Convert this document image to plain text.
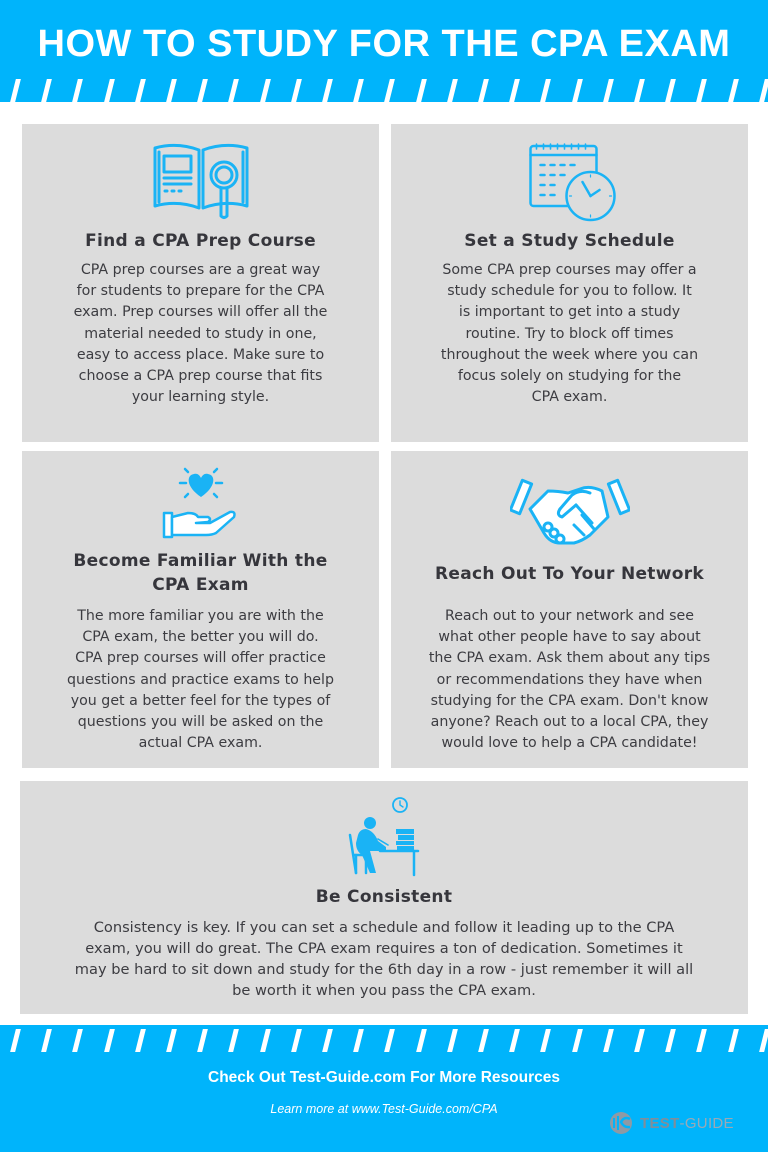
HOW TO STUDY FOR THE CPA EXAM
Find a CPA Prep Course
CPA prep courses are a great way
for students to prepare for the CPA
exam. Prep courses will offer all the
material needed to study in one,
easy to access place. Make sure to
choose a CPA prep course that fits
your learning style.
Set a Study Schedule
Some CPA prep courses may offer a
study schedule for you to follow. It
is important to get into a study
routine. Try to block off times
throughout the week where you can
focus solely on studying for the
CPA exam.
Become Familiar With the
CPA Exam
The more familiar you are with the
CPA exam, the better you will do.
CPA prep courses will offer practice
questions and practice exams to help
you get a better feel for the types of
questions you will be asked on the
actual CPA exam.
Reach Out To Your Network
Reach out to your network and see
what other people have to say about
the CPA exam. Ask them about any tips
or recommendations they have when
studying for the CPA exam. Don't know
anyone? Reach out to a local CPA, they
would love to help a CPA candidate!
Be Consistent
Consistency is key. If you can set a schedule and follow it leading up to the CPA
exam, you will do great. The CPA exam requires a ton of dedication. Sometimes it
may be hard to sit down and study for the 6th day in a row - just remember it will all
be worth it when you pass the CPA exam.
Check Out Test-Guide.com For More Resources
Learn more at www.Test-Guide.com/CPA
TEST-GUIDE
